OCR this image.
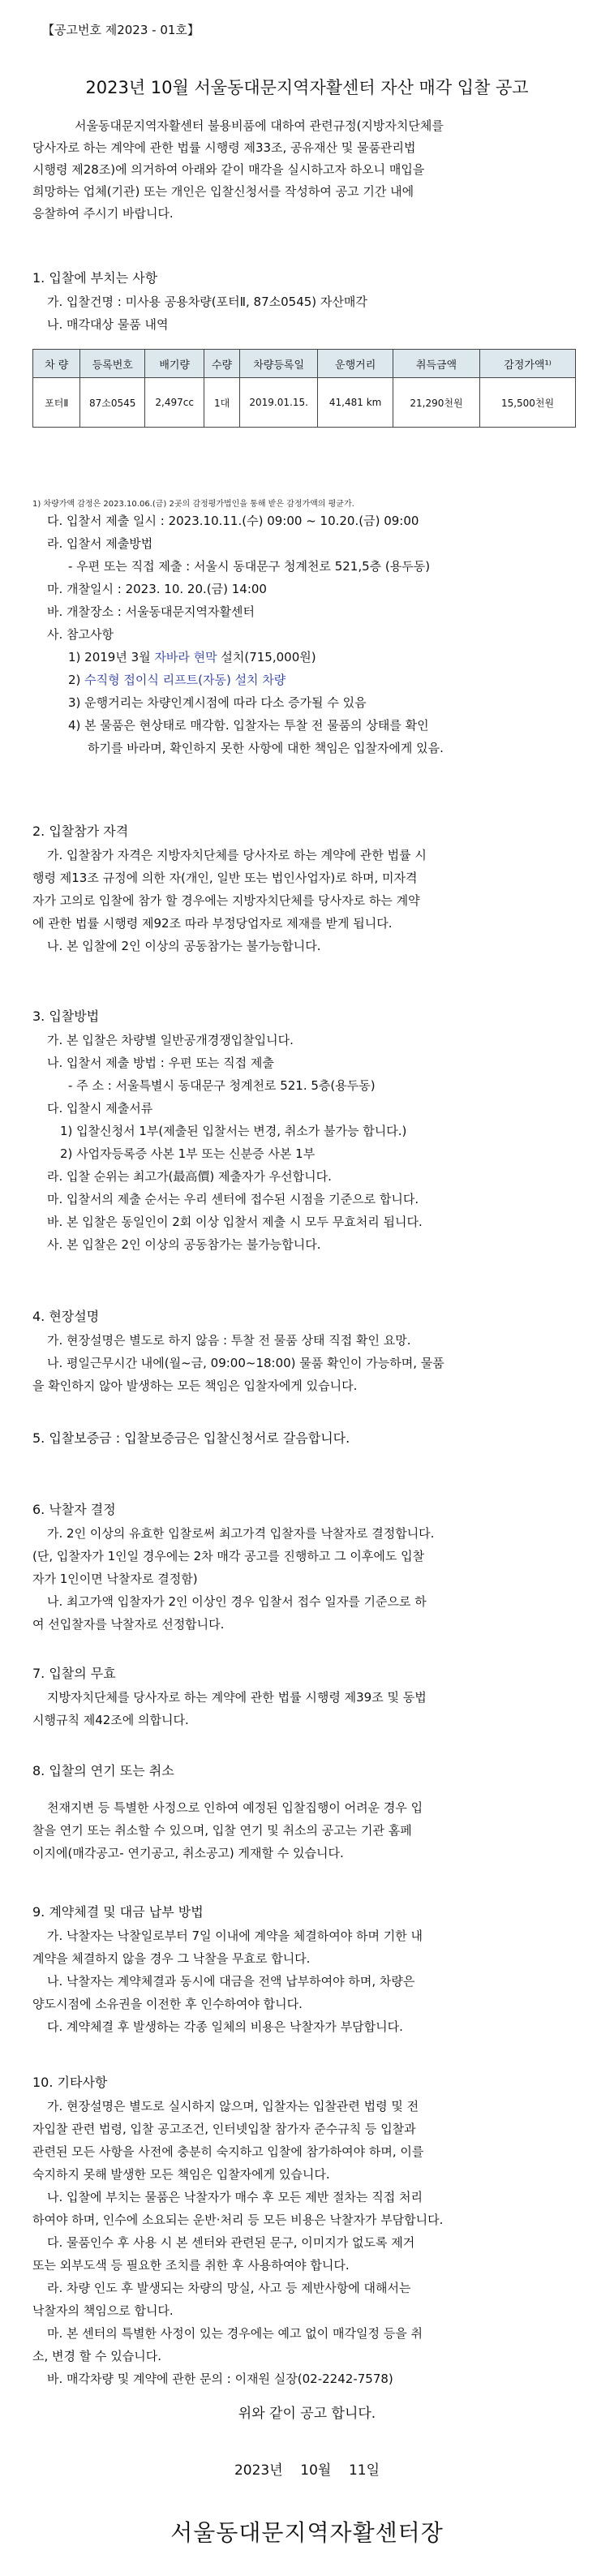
【공고번호 제2023 - 01호】
2023년 10월 서울동대문지역자활센터 자산 매각 입찰 공고
서울동대문지역자활센터 불용비품에 대하여 관련규정(지방자치단체를
당사자로 하는 계약에 관한 법률 시행령 제33조, 공유재산 및 물품관리법
시행령 제28조)에 의거하여 아래와 같이 매각을 실시하고자 하오니 매입을
희망하는 업체(기관) 또는 개인은 입찰신청서를 작성하여 공고 기간 내에
응찰하여 주시기 바랍니다.
1. 입찰에 부치는 사항
가. 입찰건명 : 미사용 공용차량(포터Ⅱ, 87소0545) 자산매각
나. 매각대상 물품 내역
차 량	등록번호	배기량	수량	차량등록일	운행거리	취득금액	감정가액¹⁾
포터Ⅱ	87소0545	2,497cc	1대	2019.01.15.	41,481 km	21,290천원	15,500천원
1) 차량가액 감정은 2023.10.06.(금) 2곳의 감정평가법인을 통해 받은 감정가액의 평균가.
다. 입찰서 제출 일시 : 2023.10.11.(수) 09:00 ~ 10.20.(금) 09:00
라. 입찰서 제출방법
- 우편 또는 직접 제출 : 서울시 동대문구 청계천로 521,5층 (용두동)
마. 개찰일시 : 2023. 10. 20.(금) 14:00
바. 개찰장소 : 서울동대문지역자활센터
사. 참고사항
1) 2019년 3월 자바라 현막 설치(715,000원)
2) 수직형 접이식 리프트(자동) 설치 차량
3) 운행거리는 차량인계시점에 따라 다소 증가될 수 있음
4) 본 물품은 현상태로 매각함. 입찰자는 투찰 전 물품의 상태를 확인
하기를 바라며, 확인하지 못한 사항에 대한 책임은 입찰자에게 있음.
2. 입찰참가 자격
가. 입찰참가 자격은 지방자치단체를 당사자로 하는 계약에 관한 법률 시
행령 제13조 규정에 의한 자(개인, 일반 또는 법인사업자)로 하며, 미자격
자가 고의로 입찰에 참가 할 경우에는 지방자치단체를 당사자로 하는 계약
에 관한 법률 시행령 제92조 따라 부정당업자로 제재를 받게 됩니다.
나. 본 입찰에 2인 이상의 공동참가는 불가능합니다.
3. 입찰방법
가. 본 입찰은 차량별 일반공개경쟁입찰입니다.
나. 입찰서 제출 방법 : 우편 또는 직접 제출
- 주 소 : 서울특별시 동대문구 청계천로 521. 5층(용두동)
다. 입찰시 제출서류
1) 입찰신청서 1부(제출된 입찰서는 변경, 취소가 불가능 합니다.)
2) 사업자등록증 사본 1부 또는 신분증 사본 1부
라. 입찰 순위는 최고가(最高價) 제출자가 우선합니다.
마. 입찰서의 제출 순서는 우리 센터에 접수된 시점을 기준으로 합니다.
바. 본 입찰은 동일인이 2회 이상 입찰서 제출 시 모두 무효처리 됩니다.
사. 본 입찰은 2인 이상의 공동참가는 불가능합니다.
4. 현장설명
가. 현장설명은 별도로 하지 않음 : 투찰 전 물품 상태 직접 확인 요망.
나. 평일근무시간 내에(월~금, 09:00~18:00) 물품 확인이 가능하며, 물품
을 확인하지 않아 발생하는 모든 책임은 입찰자에게 있습니다.
5. 입찰보증금 : 입찰보증금은 입찰신청서로 갈음합니다.
6. 낙찰자 결정
가. 2인 이상의 유효한 입찰로써 최고가격 입찰자를 낙찰자로 결정합니다.
(단, 입찰자가 1인일 경우에는 2차 매각 공고를 진행하고 그 이후에도 입찰
자가 1인이면 낙찰자로 결정함)
나. 최고가액 입찰자가 2인 이상인 경우 입찰서 접수 일자를 기준으로 하
여 선입찰자를 낙찰자로 선정합니다.
7. 입찰의 무효
지방자치단체를 당사자로 하는 계약에 관한 법률 시행령 제39조 및 동법
시행규칙 제42조에 의합니다.
8. 입찰의 연기 또는 취소
천재지변 등 특별한 사정으로 인하여 예정된 입찰집행이 어려운 경우 입
찰을 연기 또는 취소할 수 있으며, 입찰 연기 및 취소의 공고는 기관 홈페
이지에(매각공고- 연기공고, 취소공고) 게재할 수 있습니다.
9. 계약체결 및 대금 납부 방법
가. 낙찰자는 낙찰일로부터 7일 이내에 계약을 체결하여야 하며 기한 내
계약을 체결하지 않을 경우 그 낙찰을 무효로 합니다.
나. 낙찰자는 계약체결과 동시에 대금을 전액 납부하여야 하며, 차량은
양도시점에 소유권을 이전한 후 인수하여야 합니다.
다. 계약체결 후 발생하는 각종 일체의 비용은 낙찰자가 부담합니다.
10. 기타사항
가. 현장설명은 별도로 실시하지 않으며, 입찰자는 입찰관련 법령 및 전
자입찰 관련 법령, 입찰 공고조건, 인터넷입찰 참가자 준수규칙 등 입찰과
관련된 모든 사항을 사전에 충분히 숙지하고 입찰에 참가하여야 하며, 이를
숙지하지 못해 발생한 모든 책임은 입찰자에게 있습니다.
나. 입찰에 부치는 물품은 낙찰자가 매수 후 모든 제반 절차는 직접 처리
하여야 하며, 인수에 소요되는 운반·처리 등 모든 비용은 낙찰자가 부담합니다.
다. 물품인수 후 사용 시 본 센터와 관련된 문구, 이미지가 없도록 제거
또는 외부도색 등 필요한 조치를 취한 후 사용하여야 합니다.
라. 차량 인도 후 발생되는 차량의 망실, 사고 등 제반사항에 대해서는
낙찰자의 책임으로 합니다.
마. 본 센터의 특별한 사정이 있는 경우에는 예고 없이 매각일정 등을 취
소, 변경 할 수 있습니다.
바. 매각차량 및 계약에 관한 문의 : 이재원 실장(02-2242-7578)
위와 같이 공고 합니다.
2023년    10월    11일
서울동대문지역자활센터장
